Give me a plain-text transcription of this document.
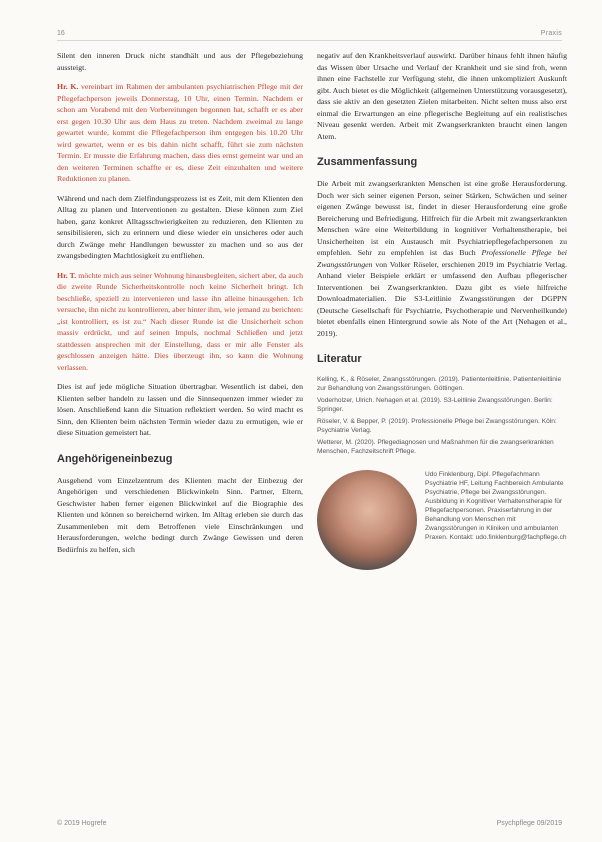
16	Praxis

Silent den inneren Druck nicht standhält und aus der Pflegebeziehung aussteigt.

Hr. K. vereinbart im Rahmen der ambulanten psychiatrischen Pflege mit der Pflegefachperson jeweils Donnerstag, 10 Uhr, einen Termin. Nachdem er schon am Vorabend mit den Vorbereitungen begonnen hat, schafft er es aber erst gegen 10.30 Uhr aus dem Haus zu treten. Nachdem zweimal zu lange gewartet wurde, kommt die Pflegefachperson ihm entgegen bis 10.20 Uhr wird gewartet, wenn er es bis dahin nicht schafft, führt sie zum nächsten Termin. Er musste die Erfahrung machen, dass dies ernst gemeint war und an den weiteren Terminen schaffte er es, diese Zeit einzuhalten und weitere Reduktionen zu planen.

Während und nach dem Zielfindungsprozess ist es Zeit, mit dem Klienten den Alltag zu planen und Interventionen zu gestalten. Diese können zum Ziel haben, ganz konkret Alltagsschwierigkeiten zu reduzieren, den Klienten zu sensibilisieren, sich zu erinnern und diese wieder ein unsicheres oder auch durch Zwänge mehr Handlungen bewusster zu machen und so aus der zwangsbedingten Machtlosigkeit zu entfliehen.

Hr. T. möchte mich aus seiner Wohnung hinausbegleiten, sichert aber, da auch die zweite Runde Sicherheitskontrolle noch keine Sicherheit bringt. Ich beschließe, speziell zu intervenieren und lasse ihn alleine hinausgehen. Ich versuche, ihn nicht zu kontrollieren, aber hinter ihm, wie jemand zu berichten: „ist kontrolliert, es ist zu.“ Nach dieser Runde ist die Unsicherheit schon massiv erdrückt, und auf seinen Impuls, nochmal Schließen und jetzt stattdessen ansprechen mit der Einstellung, dass er mir alle Fenster als geschlossen anzeigen hätte. Dies überzeugt ihn, so kann die Wohnung verlassen.

Dies ist auf jede mögliche Situation übertragbar. Wesentlich ist dabei, den Klienten selber handeln zu lassen und die Sinnsequenzen immer wieder zu lösen. Anschließend kann die Situation reflektiert werden. So wird macht es Sinn, den Klienten beim nächsten Termin wieder dazu zu ermutigen, wie er diese Situation gemeistert hat.

Angehörigeneinbezug

Ausgehend vom Einzelzentrum des Klienten macht der Einbezug der Angehörigen und verschiedenen Blickwinkeln Sinn. Partner, Eltern, Geschwister haben ferner eigenen Blickwinkel auf die Biographie des Klienten und können so bereichernd wirken. Im Alltag erleben sie durch das Zusammenleben mit dem Betroffenen viele Einschränkungen und Herausforderungen, welche bedingt durch Zwänge Gewissen und deren Bedürfnis zu helfen, sich

negativ auf den Krankheitsverlauf auswirkt. Darüber hinaus fehlt ihnen häufig das Wissen über Ursache und Verlauf der Krankheit und sie sind froh, wenn ihnen eine Fachstelle zur Verfügung steht, die ihnen unkompliziert Auskunft gibt. Auch bietet es die Möglichkeit (allgemeinen Unterstützung vorausgesetzt), dass sie aktiv an den gesetzten Zielen mitarbeiten. Nicht selten muss also erst einmal die Erwartungen an eine pflegerische Begleitung auf ein realistisches Niveau gesenkt werden. Arbeit mit Zwangserkrankten braucht einen langen Atem.

Zusammenfassung

Die Arbeit mit zwangserkrankten Menschen ist eine große Herausforderung. Doch wer sich seiner eigenen Person, seiner Stärken, Schwächen und seiner eigenen Zwänge bewusst ist, findet in dieser Herausforderung eine große Bereicherung und Befriedigung. Hilfreich für die Arbeit mit zwangserkrankten Menschen wäre eine Weiterbildung in kognitiver Verhaltenstherapie, bei Unsicherheiten ist ein Austausch mit Psychiatriepflegefachpersonen zu empfehlen. Sehr zu empfehlen ist das Buch Professionelle Pflege bei Zwangsstörungen von Volker Röseler, erschienen 2019 im Psychiatrie Verlag. Anhand vieler Beispiele erklärt er umfassend den Aufbau pflegerischer Interventionen bei Zwangserkrankten. Dazu gibt es viele hilfreiche Downloadmaterialien. Die S3-Leitlinie Zwangsstörungen der DGPPN (Deutsche Gesellschaft für Psychiatrie, Psychotherapie und Nervenheilkunde) bietet ebenfalls einen Hintergrund sowie als Note of the Art (Nehagen et al., 2019).

Literatur
Kelling, K., & Röseler, Zwangsstörungen. (2019). Patientenleitlinie. Patientenleitlinie zur Behandlung von Zwangsstörungen. Göttingen.
Voderholzer, Ulrich. Nehagen et al. (2019). S3-Leitlinie Zwangsstörungen. Berlin: Springer.
Röseler, V. & Bepper, P. (2019). Professionelle Pflege bei Zwangsstörungen. Köln: Psychiatrie Verlag.
Wetterer, M. (2020). Pflegediagnosen und Maßnahmen für die zwangserkrankten Menschen, Fachzeitschrift Pflege.
Udo Finklenburg, Dipl. Pflegefachmann Psychiatrie HF, Leitung Fachbereich Ambulante Psychiatrie, Pflege bei Zwangsstörungen. Ausbildung in Kognitiver Verhaltenstherapie für Pflegefachpersonen. Praxiserfahrung in der Behandlung von Menschen mit Zwangsstörungen in Kliniken und ambulanten Praxen. Kontakt: udo.finklenburg@fachpflege.ch
© 2019 Hogrefe	Psychpflege 09/2019
